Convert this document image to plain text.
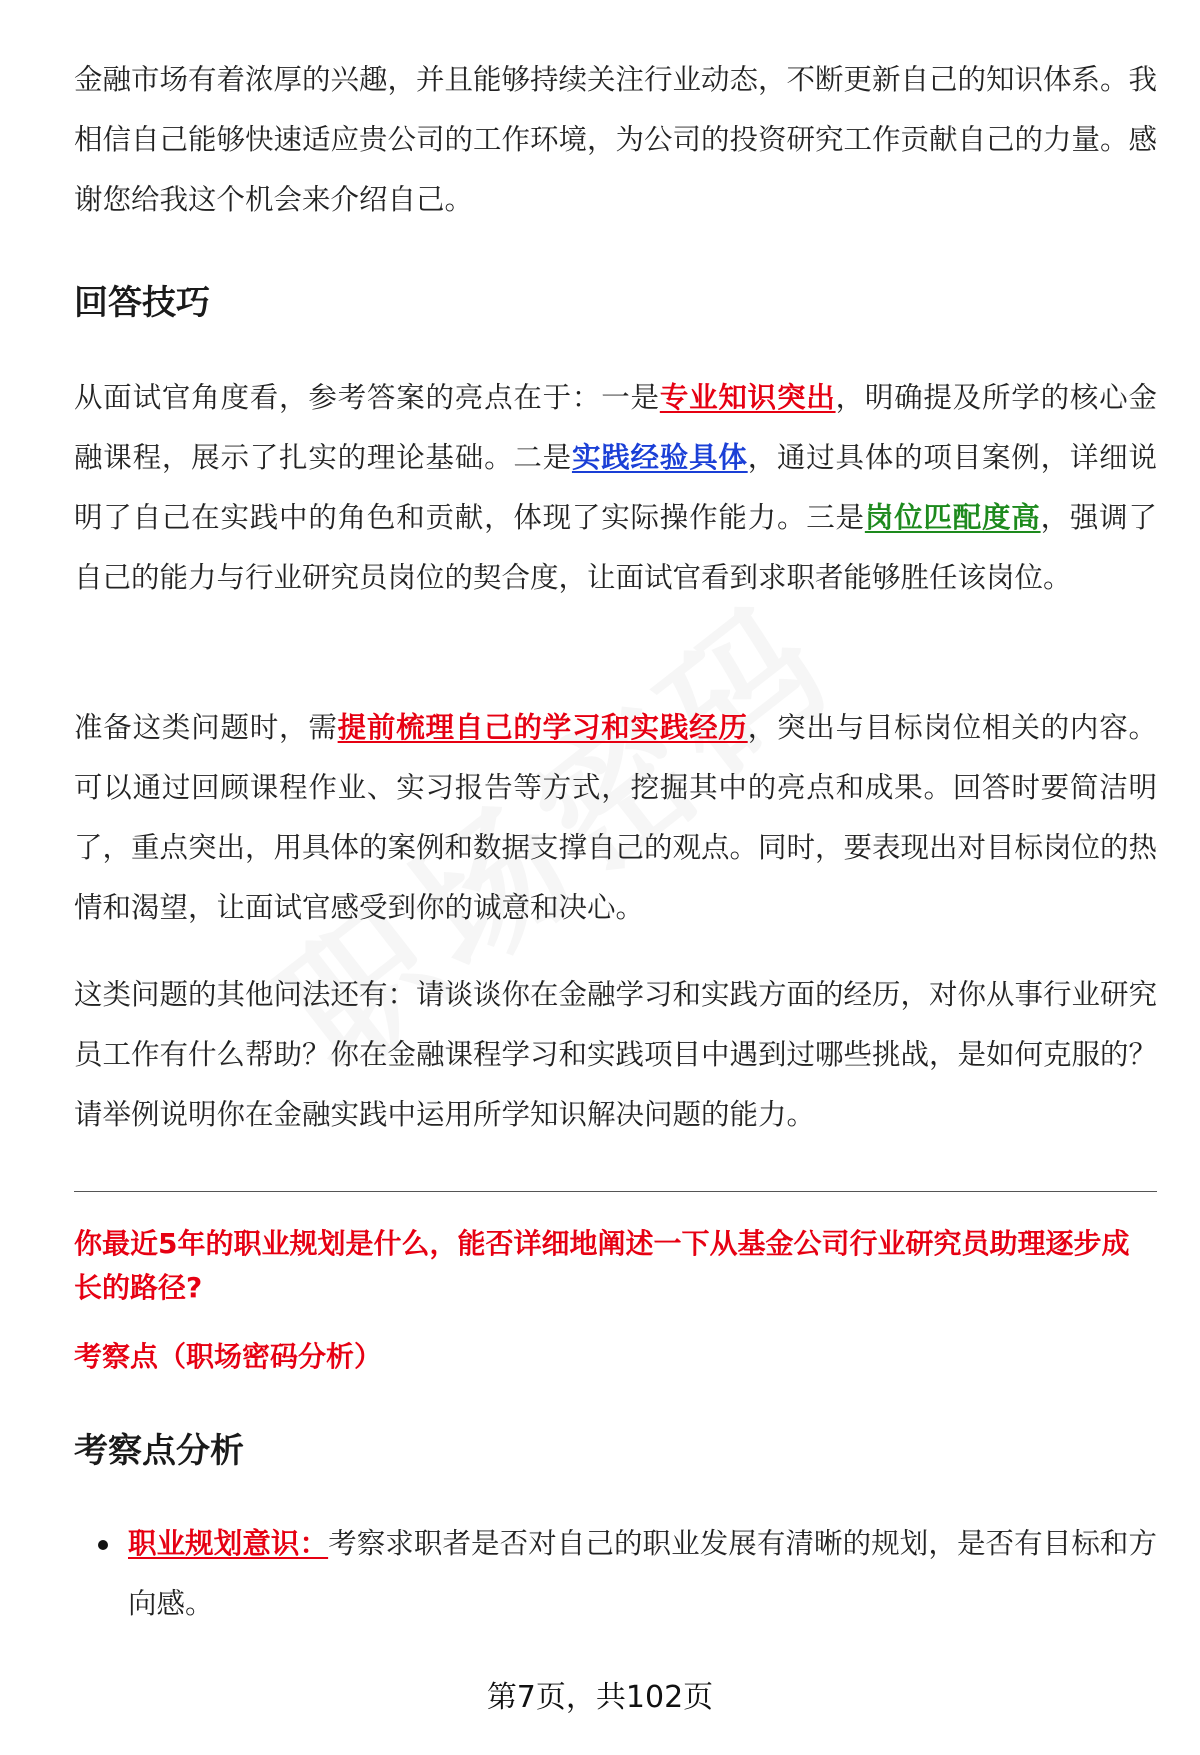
金融市场有着浓厚的兴趣，并且能够持续关注行业动态，不断更新自己的知识体系。我相信自己能够快速适应贵公司的工作环境，为公司的投资研究工作贡献自己的力量。感谢您给我这个机会来介绍自己。

回答技巧

从面试官角度看，参考答案的亮点在于：一是专业知识突出，明确提及所学的核心金融课程，展示了扎实的理论基础。二是实践经验具体，通过具体的项目案例，详细说明了自己在实践中的角色和贡献，体现了实际操作能力。三是岗位匹配度高，强调了自己的能力与行业研究员岗位的契合度，让面试官看到求职者能够胜任该岗位。

准备这类问题时，需提前梳理自己的学习和实践经历，突出与目标岗位相关的内容。可以通过回顾课程作业、实习报告等方式，挖掘其中的亮点和成果。回答时要简洁明了，重点突出，用具体的案例和数据支撑自己的观点。同时，要表现出对目标岗位的热情和渴望，让面试官感受到你的诚意和决心。

这类问题的其他问法还有：请谈谈你在金融学习和实践方面的经历，对你从事行业研究员工作有什么帮助？你在金融课程学习和实践项目中遇到过哪些挑战，是如何克服的？请举例说明你在金融实践中运用所学知识解决问题的能力。

你最近5年的职业规划是什么，能否详细地阐述一下从基金公司行业研究员助理逐步成长的路径?

考察点（职场密码分析）

考察点分析

职业规划意识：考察求职者是否对自己的职业发展有清晰的规划，是否有目标和方向感。

第7页，共102页
